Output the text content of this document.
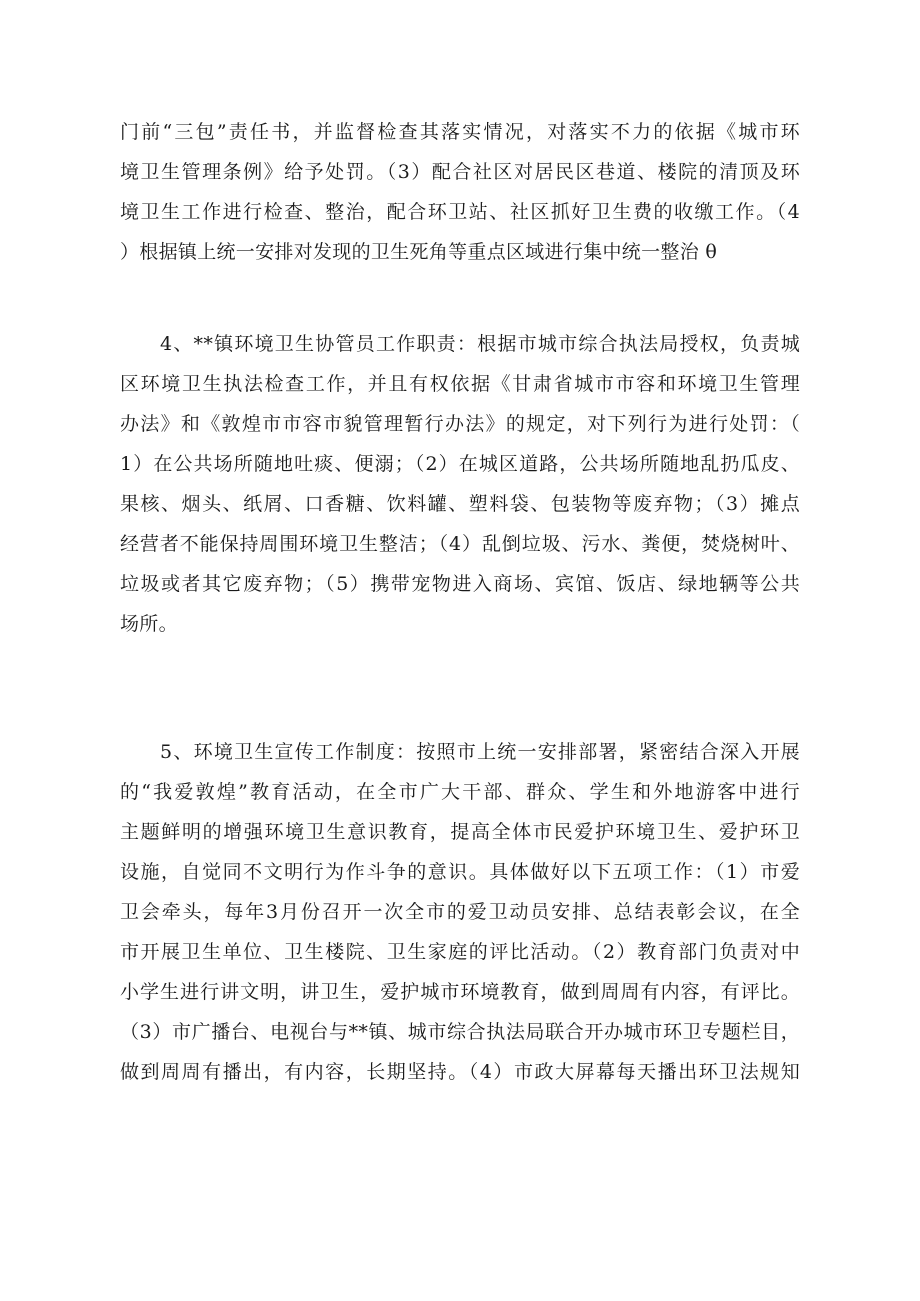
门前“三包”责任书，并监督检查其落实情况，对落实不力的依据《城市环
境卫生管理条例》给予处罚。（3）配合社区对居民区巷道、楼院的清顶及环
境卫生工作进行检查、整治，配合环卫站、社区抓好卫生费的收缴工作。（4
）根据镇上统一安排对发现的卫生死角等重点区域进行集中统一整治 θ
4、**镇环境卫生协管员工作职责：根据市城市综合执法局授权，负责城
区环境卫生执法检查工作，并且有权依据《甘肃省城市市容和环境卫生管理
办法》和《敦煌市市容市貌管理暂行办法》的规定，对下列行为进行处罚：（
1）在公共场所随地吐痰、便溺；（2）在城区道路，公共场所随地乱扔瓜皮、
果核、烟头、纸屑、口香糖、饮料罐、塑料袋、包装物等废弃物；（3）摊点
经营者不能保持周围环境卫生整洁；（4）乱倒垃圾、污水、粪便，焚烧树叶、
垃圾或者其它废弃物；（5）携带宠物进入商场、宾馆、饭店、绿地辆等公共
场所。
5、环境卫生宣传工作制度：按照市上统一安排部署，紧密结合深入开展
的“我爱敦煌”教育活动，在全市广大干部、群众、学生和外地游客中进行
主题鲜明的增强环境卫生意识教育，提高全体市民爱护环境卫生、爱护环卫
设施，自觉同不文明行为作斗争的意识。具体做好以下五项工作：（1）市爱
卫会牵头，每年3月份召开一次全市的爱卫动员安排、总结表彰会议，在全
市开展卫生单位、卫生楼院、卫生家庭的评比活动。（2）教育部门负责对中
小学生进行讲文明，讲卫生，爱护城市环境教育，做到周周有内容，有评比。
（3）市广播台、电视台与**镇、城市综合执法局联合开办城市环卫专题栏目，
做到周周有播出，有内容，长期坚持。（4）市政大屏幕每天播出环卫法规知
